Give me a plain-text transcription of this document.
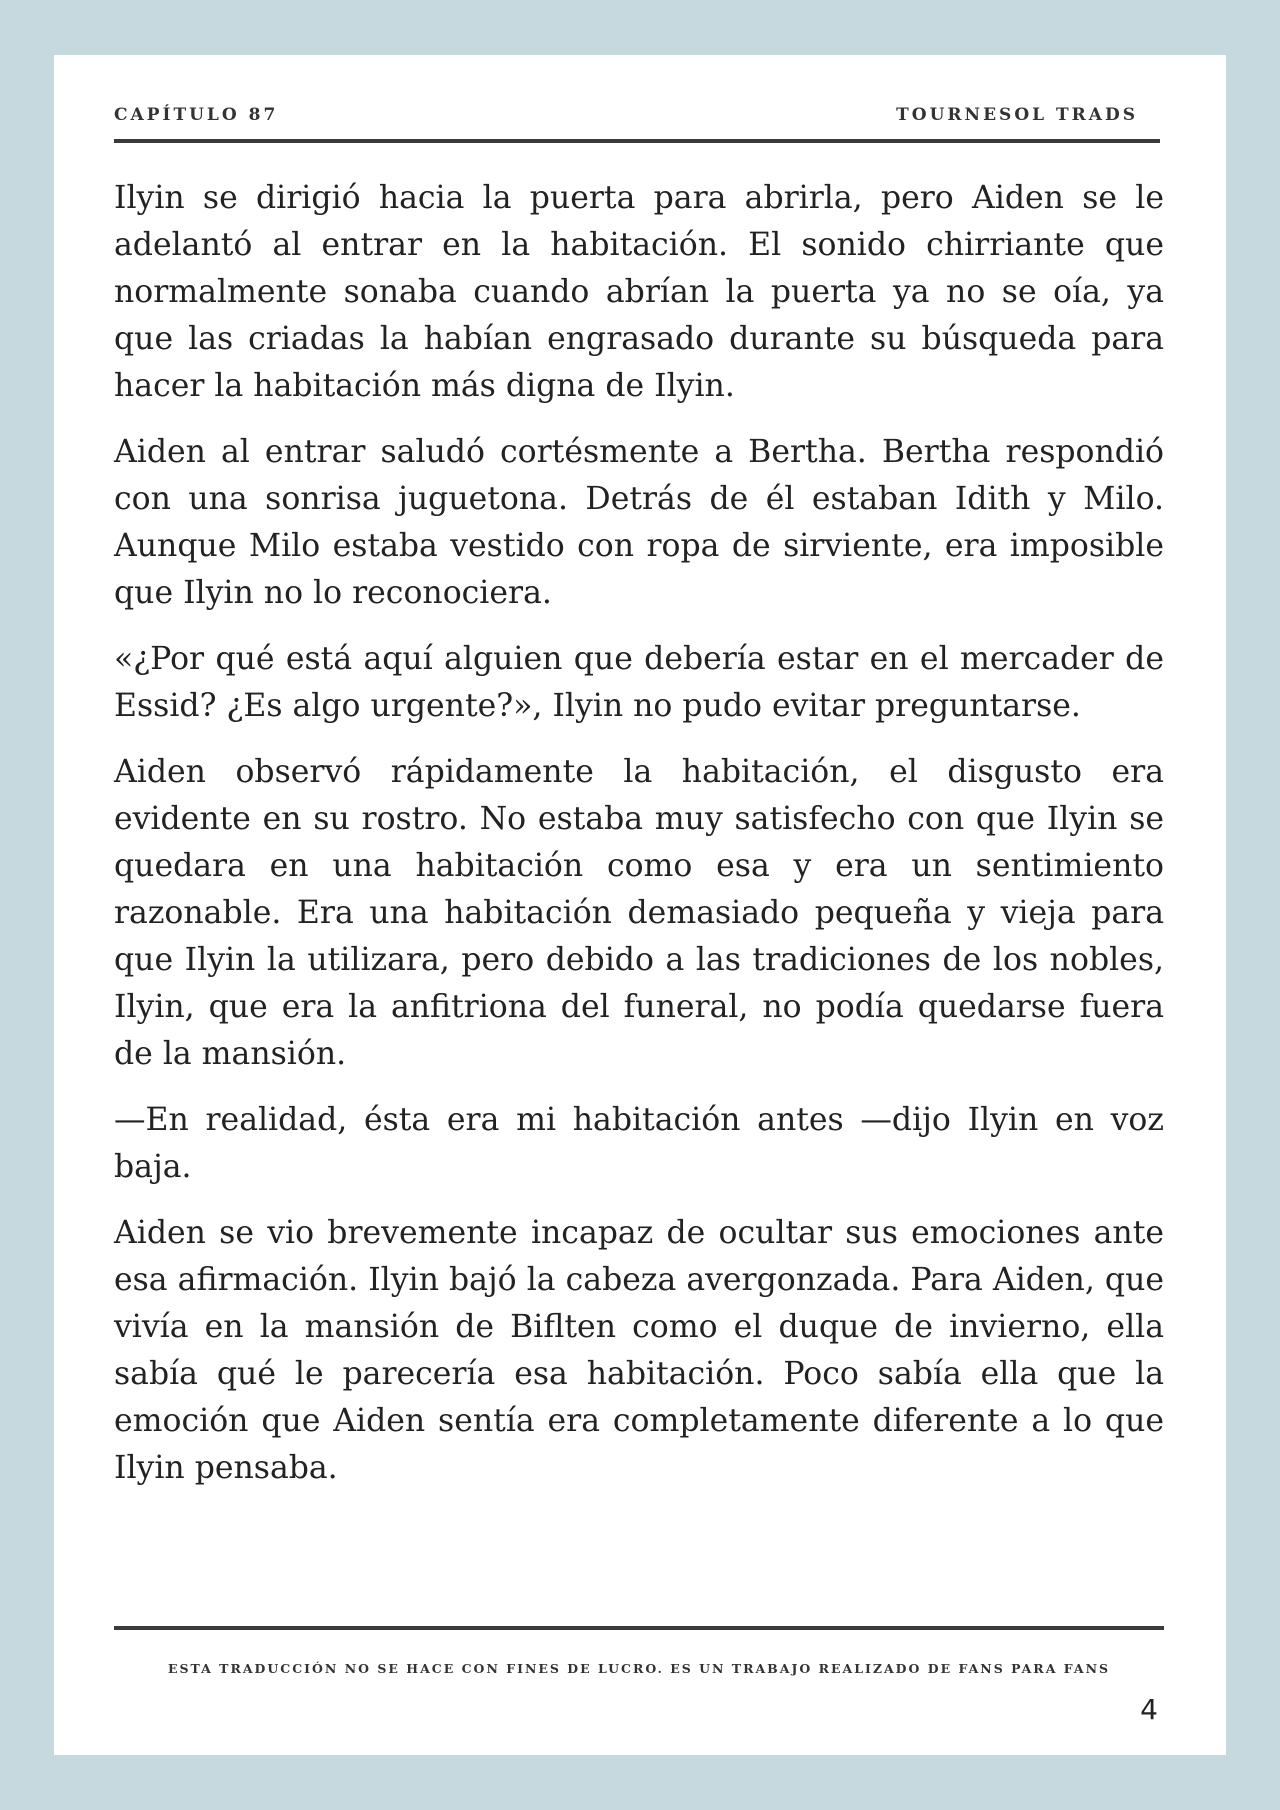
CAPÍTULO 87	TOURNESOL TRADS

Ilyin se dirigió hacia la puerta para abrirla, pero Aiden se le adelantó al entrar en la habitación. El sonido chirriante que normalmente sonaba cuando abrían la puerta ya no se oía, ya que las criadas la habían engrasado durante su búsqueda para hacer la habitación más digna de Ilyin.

Aiden al entrar saludó cortésmente a Bertha. Bertha respondió con una sonrisa juguetona. Detrás de él estaban Idith y Milo. Aunque Milo estaba vestido con ropa de sirviente, era imposible que Ilyin no lo reconociera.

«¿Por qué está aquí alguien que debería estar en el mercader de Essid? ¿Es algo urgente?», Ilyin no pudo evitar preguntarse.

Aiden observó rápidamente la habitación, el disgusto era evidente en su rostro. No estaba muy satisfecho con que Ilyin se quedara en una habitación como esa y era un sentimiento razonable. Era una habitación demasiado pequeña y vieja para que Ilyin la utilizara, pero debido a las tradiciones de los nobles, Ilyin, que era la anfitriona del funeral, no podía quedarse fuera de la mansión.

—En realidad, ésta era mi habitación antes —dijo Ilyin en voz baja.

Aiden se vio brevemente incapaz de ocultar sus emociones ante esa afirmación. Ilyin bajó la cabeza avergonzada. Para Aiden, que vivía en la mansión de Biflten como el duque de invierno, ella sabía qué le parecería esa habitación. Poco sabía ella que la emoción que Aiden sentía era completamente diferente a lo que Ilyin pensaba.

ESTA TRADUCCIÓN NO SE HACE CON FINES DE LUCRO. ES UN TRABAJO REALIZADO DE FANS PARA FANS
4
